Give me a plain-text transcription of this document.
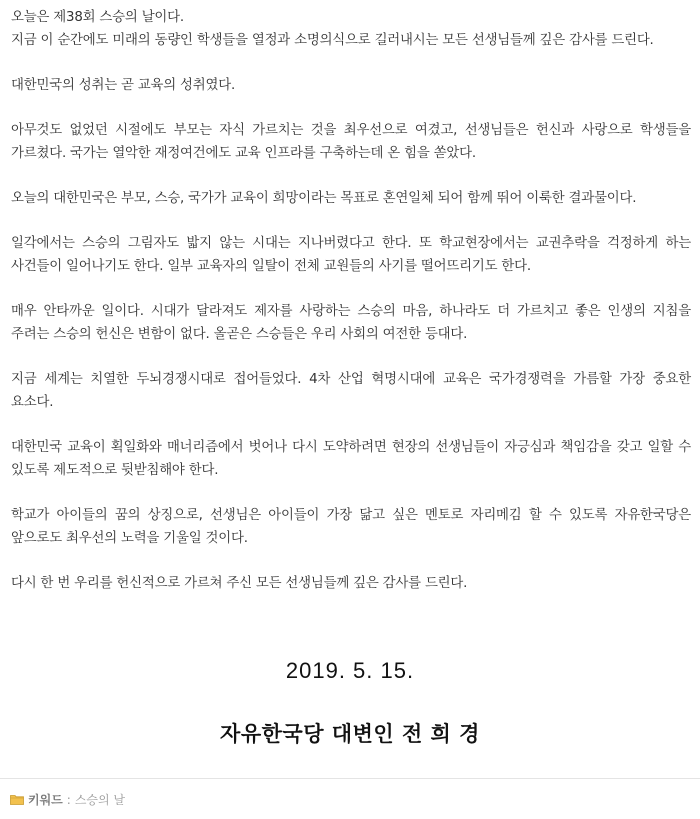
오늘은 제38회 스승의 날이다.

지금 이 순간에도 미래의 동량인 학생들을 열정과 소명의식으로 길러내시는 모든 선생님들께 깊은 감사를 드린다.

대한민국의 성취는 곧 교육의 성취였다.

아무것도 없었던 시절에도 부모는 자식 가르치는 것을 최우선으로 여겼고, 선생님들은 헌신과 사랑으로 학생들을 가르쳤다. 국가는 열악한 재정여건에도 교육 인프라를 구축하는데 온 힘을 쏟았다.

오늘의 대한민국은 부모, 스승, 국가가 교육이 희망이라는 목표로 혼연일체 되어 함께 뛰어 이룩한 결과물이다.

일각에서는 스승의 그림자도 밟지 않는 시대는 지나버렸다고 한다. 또 학교현장에서는 교권추락을 걱정하게 하는 사건들이 일어나기도 한다. 일부 교육자의 일탈이 전체 교원들의 사기를 떨어뜨리기도 한다.

매우 안타까운 일이다. 시대가 달라져도 제자를 사랑하는 스승의 마음, 하나라도 더 가르치고 좋은 인생의 지침을 주려는 스승의 헌신은 변함이 없다. 올곧은 스승들은 우리 사회의 여전한 등대다.

지금 세계는 치열한 두뇌경쟁시대로 접어들었다. 4차 산업 혁명시대에 교육은 국가경쟁력을 가름할 가장 중요한 요소다.

대한민국 교육이 획일화와 매너리즘에서 벗어나 다시 도약하려면 현장의 선생님들이 자긍심과 책임감을 갖고 일할 수 있도록 제도적으로 뒷받침해야 한다.

학교가 아이들의 꿈의 상징으로, 선생님은 아이들이 가장 닮고 싶은 멘토로 자리메김 할 수 있도록 자유한국당은 앞으로도 최우선의 노력을 기울일 것이다.

다시 한 번 우리를 헌신적으로 가르쳐 주신 모든 선생님들께 깊은 감사를 드린다.

2019. 5. 15.
자유한국당 대변인 전 희 경
키워드 : 스승의 날
